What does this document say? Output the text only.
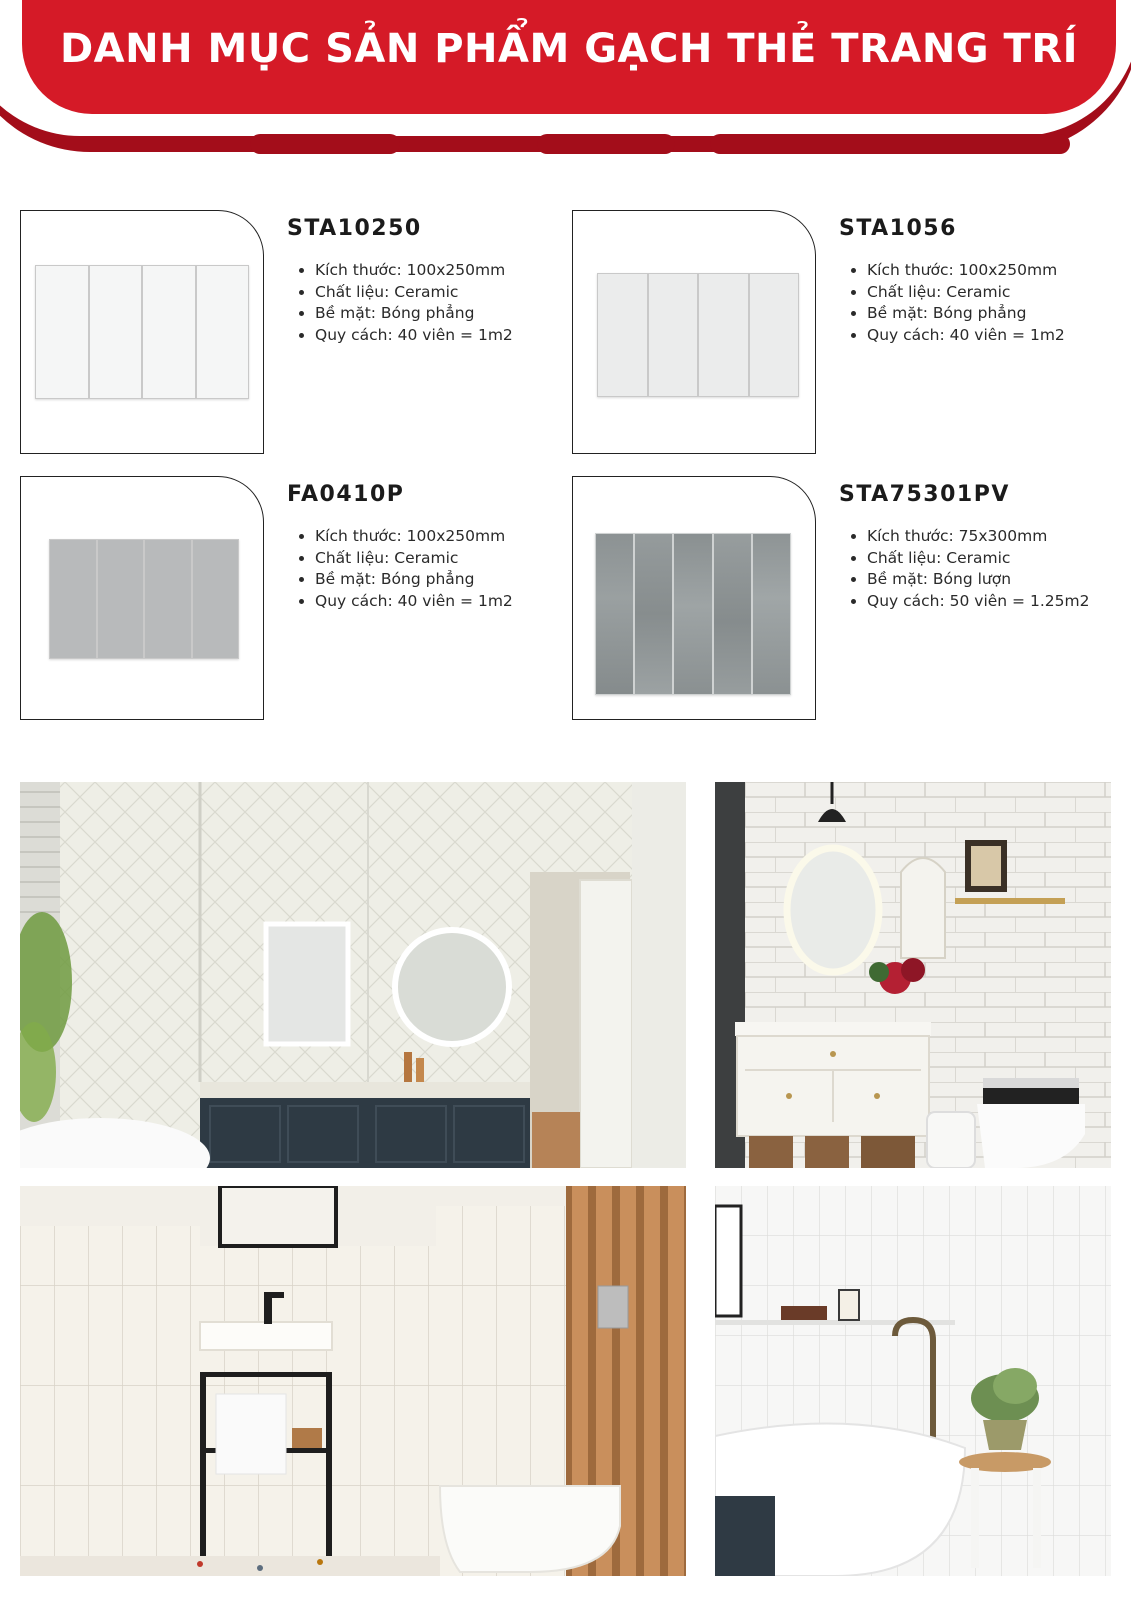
DANH MỤC SẢN PHẨM GẠCH THẺ TRANG TRÍ
STA10250
• Kích thước: 100x250mm
• Chất liệu: Ceramic
• Bề mặt: Bóng phẳng
• Quy cách: 40 viên = 1m2
STA1056
• Kích thước: 100x250mm
• Chất liệu: Ceramic
• Bề mặt: Bóng phẳng
• Quy cách: 40 viên = 1m2
FA0410P
• Kích thước: 100x250mm
• Chất liệu: Ceramic
• Bề mặt: Bóng phẳng
• Quy cách: 40 viên = 1m2
STA75301PV
• Kích thước: 75x300mm
• Chất liệu: Ceramic
• Bề mặt: Bóng lượn
• Quy cách: 50 viên = 1.25m2
